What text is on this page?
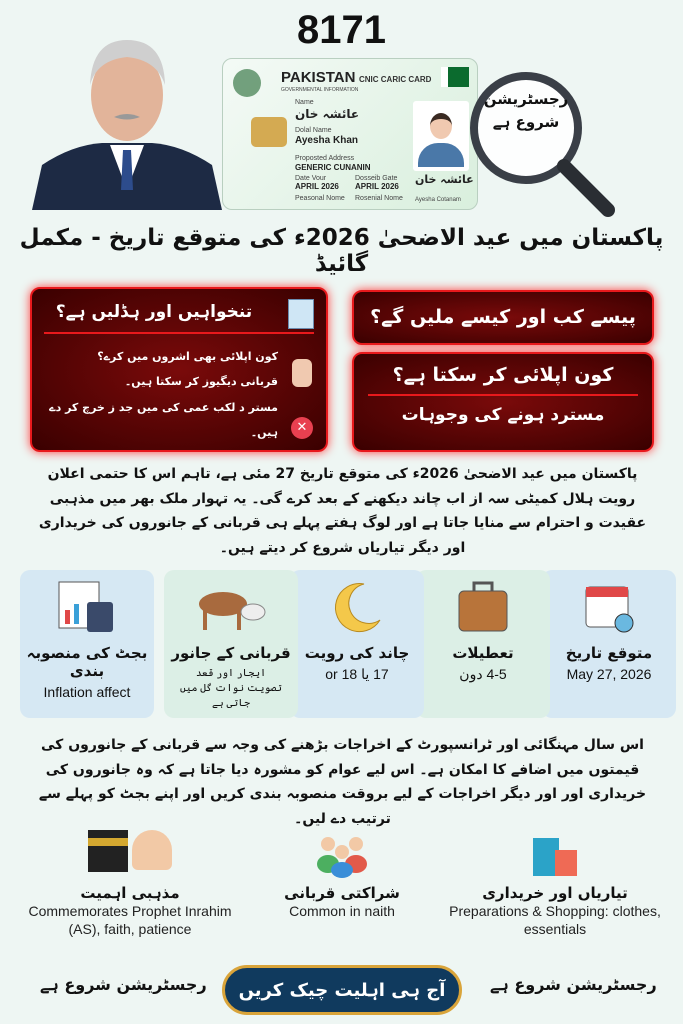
8171
PAKISTAN CNIC CARIC CARD
GOVERNMENTAL INFORMATION
Name
عائشہ خان
Dolal Name
Ayesha Khan
Proposted Address
GENERIC CUNANIN
Date Vour
APRIL 2026
Dosseib Gate
APRIL 2026
Peasonal Nome Rosenial Nome
عائشہ خان
Ayesha Cotanam
رجسٹریشن شروع ہے
پاکستان میں عید الاضحیٰ 2026ء کی متوقع تاریخ - مکمل گائیڈ
تنخواہیں اور ہڈلیں ہے؟
کون اپلائی بھی اشروں میں کرے؟
قربانی دیگیوز کر سکتا ہیں۔
مستر د لکب عمی کی میں جد ز خرچ کر دے ہیں۔	✕
پیسے کب اور کیسے ملیں گے؟
کون اپلائی کر سکتا ہے؟
مسترد ہونے کی وجوہات
پاکستان میں عید الاضحیٰ 2026ء کی متوقع تاریخ 27 مئی ہے، تاہم اس کا حتمی اعلان رویت ہلال کمیٹی سہ از اب چاند دیکھنے کے بعد کرے گی۔ یہ تہوار ملک بھر میں مذہبی عقیدت و احترام سے منایا جاتا ہے اور لوگ ہفتے پہلے ہی قربانی کے جانوروں کی خریداری اور دیگر تیاریاں شروع کر دیتے ہیں۔
متوقع تاریخ
May 27, 2026
تعطیلات
4-5 دون
چاند کی رویت
17 یا 18 or
قربانی کے جانور
ایجار اور قعد تصویت نوات گل میں جاتی ہے
بجٹ کی منصوبہ بندی
Inflation affect
اس سال مہنگائی اور ٹرانسپورٹ کے اخراجات بڑھنے کی وجہ سے قربانی کے جانوروں کی قیمتوں میں اضافے کا امکان ہے۔ اس لیے عوام کو مشورہ دیا جاتا ہے کہ وہ جانوروں کی خریداری اور اور دیگر اخراجات کے لیے بروقت منصوبہ بندی کریں اور اپنے بجٹ کو پہلے سے ترتیب دے لیں۔
مذہبی اہمیت
Commemorates Prophet Inrahim (AS), faith, patience
شراکتی قربانی
Common in naith
تیاریاں اور خریداری
Preparations & Shopping: clothes, essentials
رجسٹریشن شروع ہے	آج ہی اہلیت چیک کریں	رجسٹریشن شروع ہے
